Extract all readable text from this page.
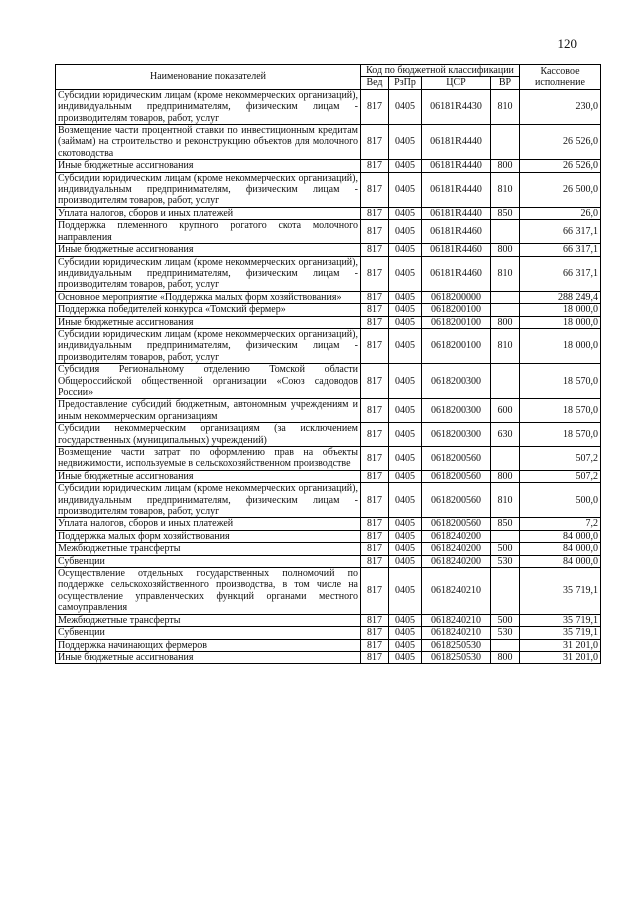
120
Наименование показателей	Код по бюджетной классификации				Кассовое исполнение
	Вед	РзПр	ЦСР	ВР	
Субсидии юридическим лицам (кроме некоммерческих организаций), индивидуальным предпринимателям, физическим лицам - производителям товаров, работ, услуг	817	0405	06181R4430	810	230,0
Возмещение части процентной ставки по инвестиционным кредитам (займам) на строительство и реконструкцию объектов для молочного скотоводства	817	0405	06181R4440		26 526,0
Иные бюджетные ассигнования	817	0405	06181R4440	800	26 526,0
Субсидии юридическим лицам (кроме некоммерческих организаций), индивидуальным предпринимателям, физическим лицам - производителям товаров, работ, услуг	817	0405	06181R4440	810	26 500,0
Уплата налогов, сборов и иных платежей	817	0405	06181R4440	850	26,0
Поддержка племенного крупного рогатого скота молочного направления	817	0405	06181R4460		66 317,1
Иные бюджетные ассигнования	817	0405	06181R4460	800	66 317,1
Субсидии юридическим лицам (кроме некоммерческих организаций), индивидуальным предпринимателям, физическим лицам - производителям товаров, работ, услуг	817	0405	06181R4460	810	66 317,1
Основное мероприятие «Поддержка малых форм хозяйствования»	817	0405	0618200000		288 249,4
Поддержка победителей конкурса «Томский фермер»	817	0405	0618200100		18 000,0
Иные бюджетные ассигнования	817	0405	0618200100	800	18 000,0
Субсидии юридическим лицам (кроме некоммерческих организаций), индивидуальным предпринимателям, физическим лицам - производителям товаров, работ, услуг	817	0405	0618200100	810	18 000,0
Субсидия Региональному отделению Томской области Общероссийской общественной организации «Союз садоводов России»	817	0405	0618200300		18 570,0
Предоставление субсидий бюджетным, автономным учреждениям и иным некоммерческим организациям	817	0405	0618200300	600	18 570,0
Субсидии некоммерческим организациям (за исключением государственных (муниципальных) учреждений)	817	0405	0618200300	630	18 570,0
Возмещение части затрат по оформлению прав на объекты недвижимости, используемые в сельскохозяйственном производстве	817	0405	0618200560		507,2
Иные бюджетные ассигнования	817	0405	0618200560	800	507,2
Субсидии юридическим лицам (кроме некоммерческих организаций), индивидуальным предпринимателям, физическим лицам - производителям товаров, работ, услуг	817	0405	0618200560	810	500,0
Уплата налогов, сборов и иных платежей	817	0405	0618200560	850	7,2
Поддержка малых форм хозяйствования	817	0405	0618240200		84 000,0
Межбюджетные трансферты	817	0405	0618240200	500	84 000,0
Субвенции	817	0405	0618240200	530	84 000,0
Осуществление отдельных государственных полномочий по поддержке сельскохозяйственного производства, в том числе на осуществление управленческих функций органами местного самоуправления	817	0405	0618240210		35 719,1
Межбюджетные трансферты	817	0405	0618240210	500	35 719,1
Субвенции	817	0405	0618240210	530	35 719,1
Поддержка начинающих фермеров	817	0405	0618250530		31 201,0
Иные бюджетные ассигнования	817	0405	0618250530	800	31 201,0
